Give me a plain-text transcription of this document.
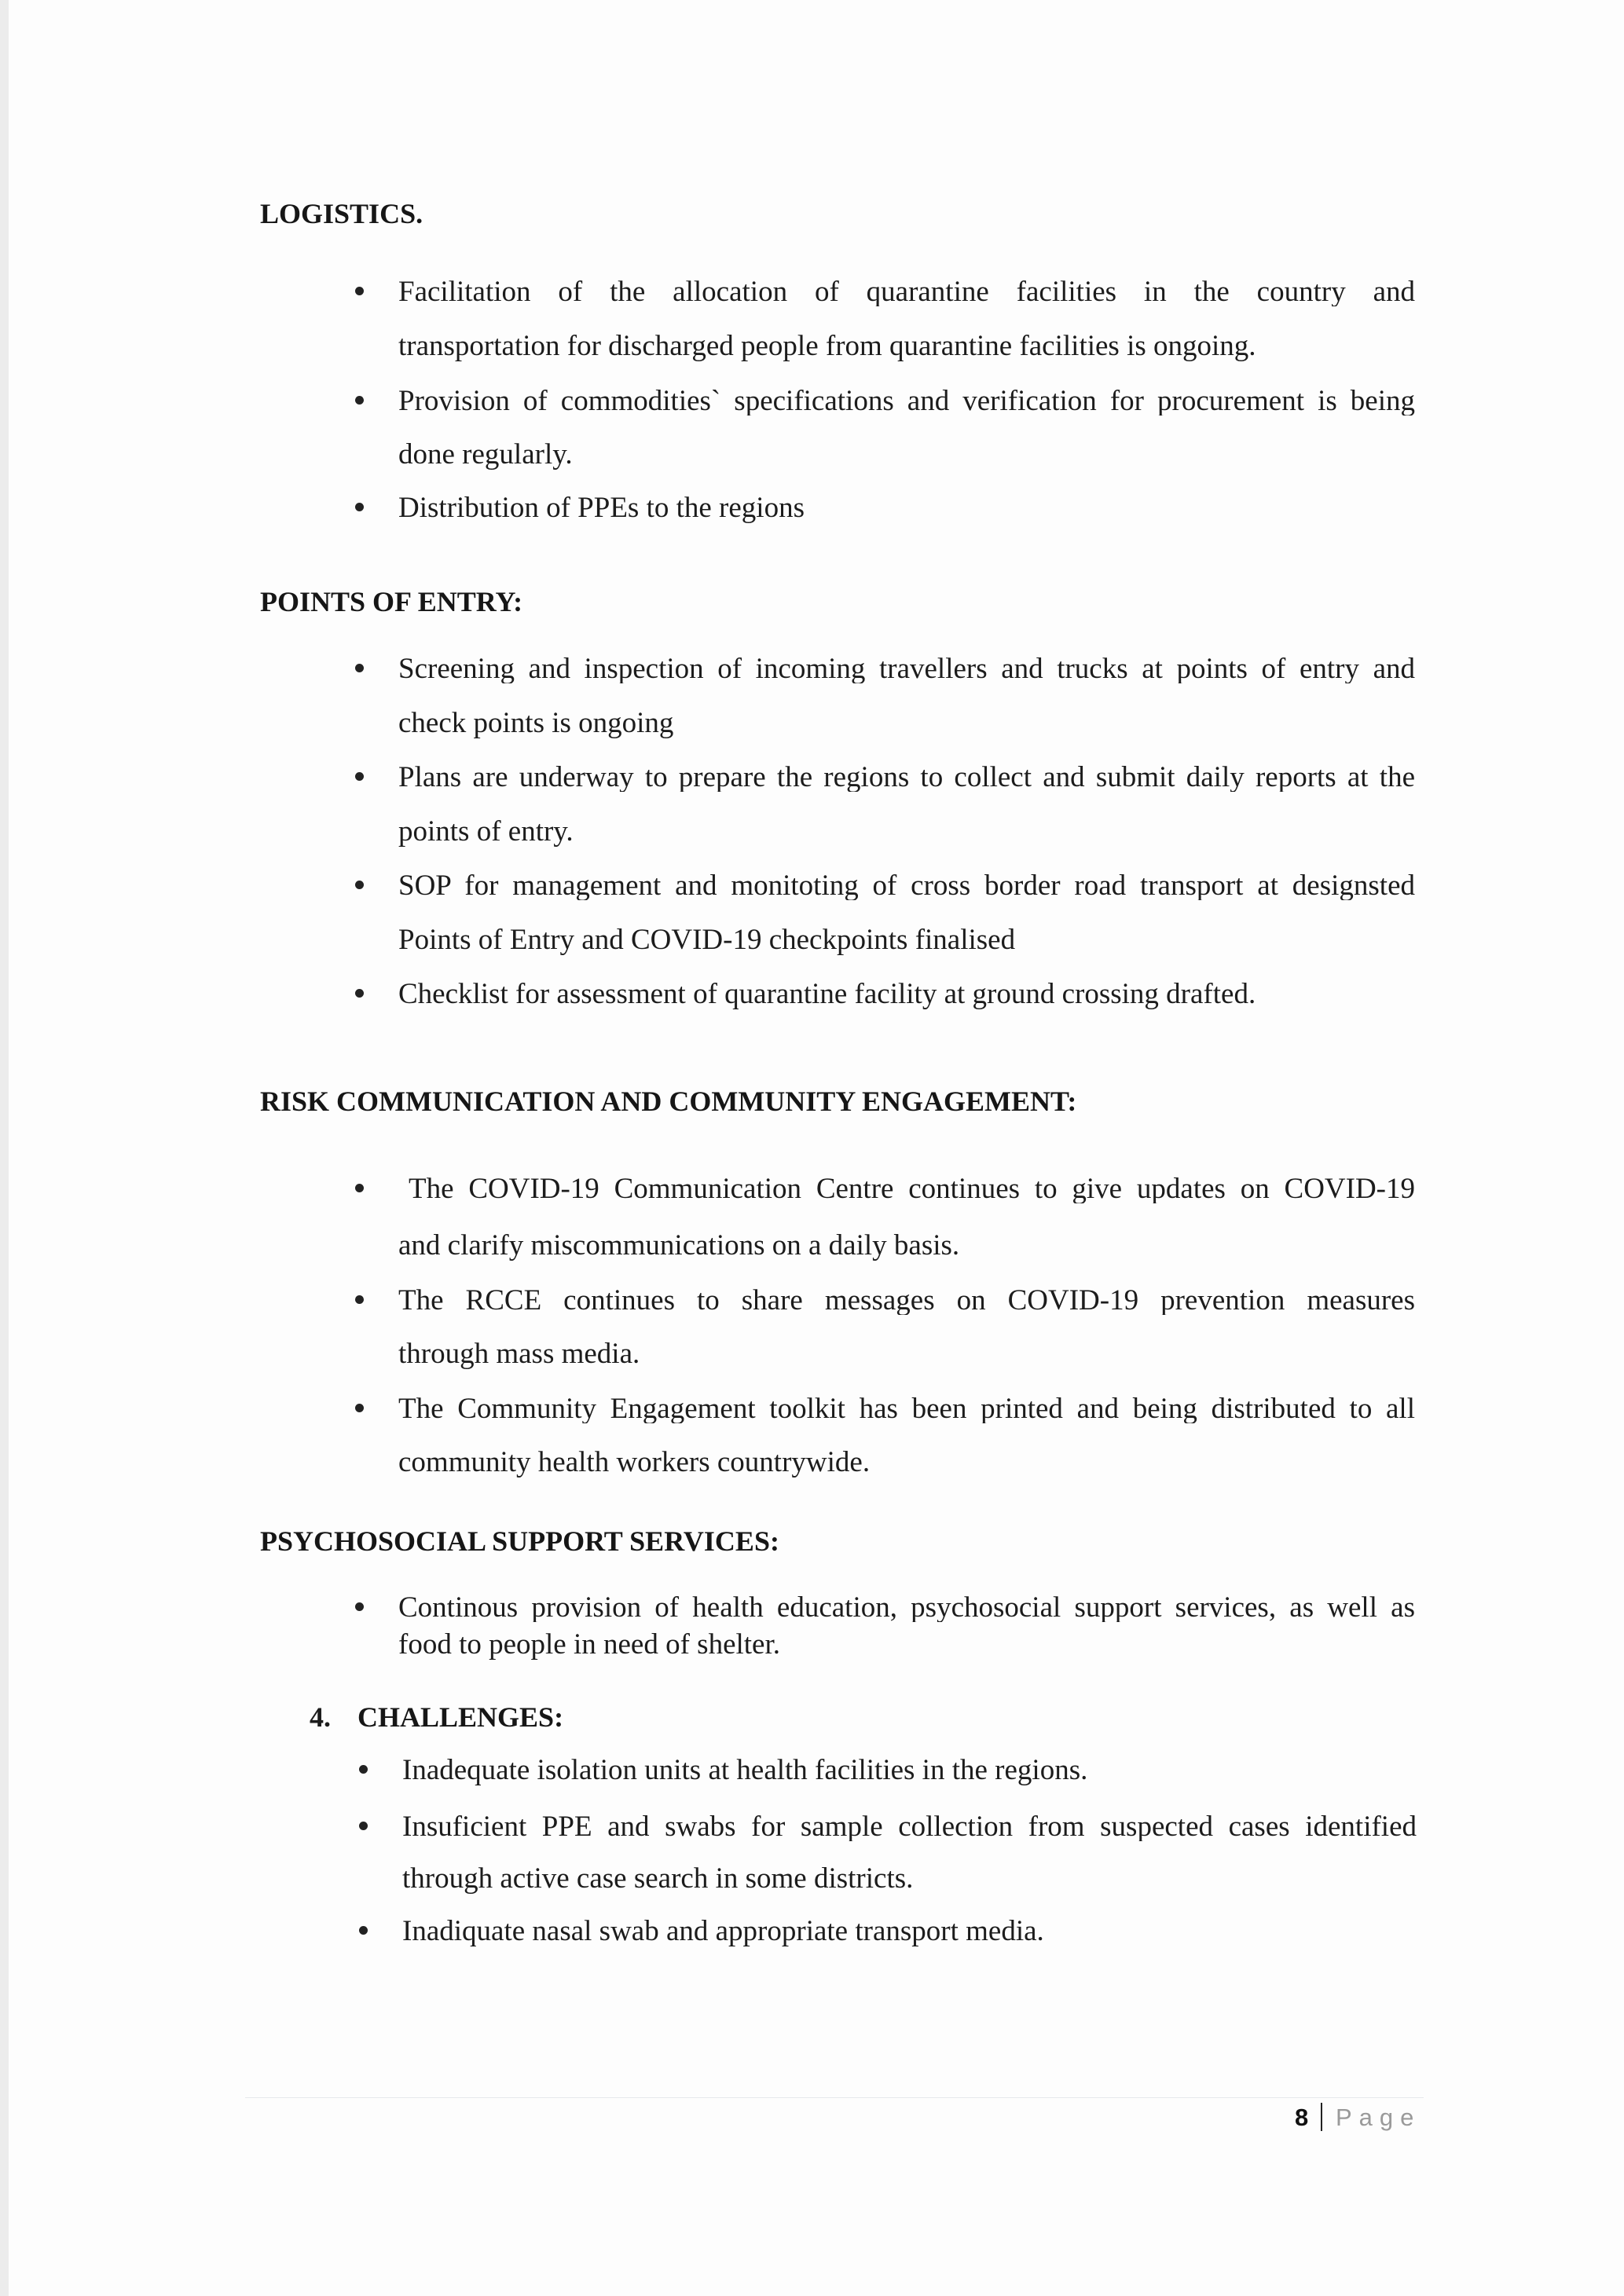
LOGISTICS.
Facilitation of the allocation of quarantine facilities in the country and
transportation for discharged people from quarantine facilities is ongoing.
Provision of commodities` specifications and verification for procurement is being
done regularly.
Distribution of PPEs to the regions
POINTS OF ENTRY:
Screening and inspection of incoming travellers and trucks at points of entry and
check points is ongoing
Plans are underway to prepare the regions to collect and submit daily reports at the
points of entry.
SOP for management and monitoting of cross border road transport at designsted
Points of Entry and COVID-19 checkpoints finalised
Checklist for assessment of quarantine facility at ground crossing drafted.
RISK COMMUNICATION AND COMMUNITY ENGAGEMENT:
The COVID-19 Communication Centre continues to give updates on COVID-19
and clarify miscommunications on a daily basis.
The RCCE continues to share messages on COVID-19 prevention measures
through mass media.
The Community Engagement toolkit has been printed and being distributed to all
community health workers countrywide.
PSYCHOSOCIAL SUPPORT SERVICES:
Continous provision of health education, psychosocial support services, as well as
food to people in need of shelter.
4. CHALLENGES:
Inadequate isolation units at health facilities in the regions.
Insuficient PPE and swabs for sample collection from suspected cases identified
through active case search in some districts.
Inadiquate nasal swab and appropriate transport media.
8 Page
